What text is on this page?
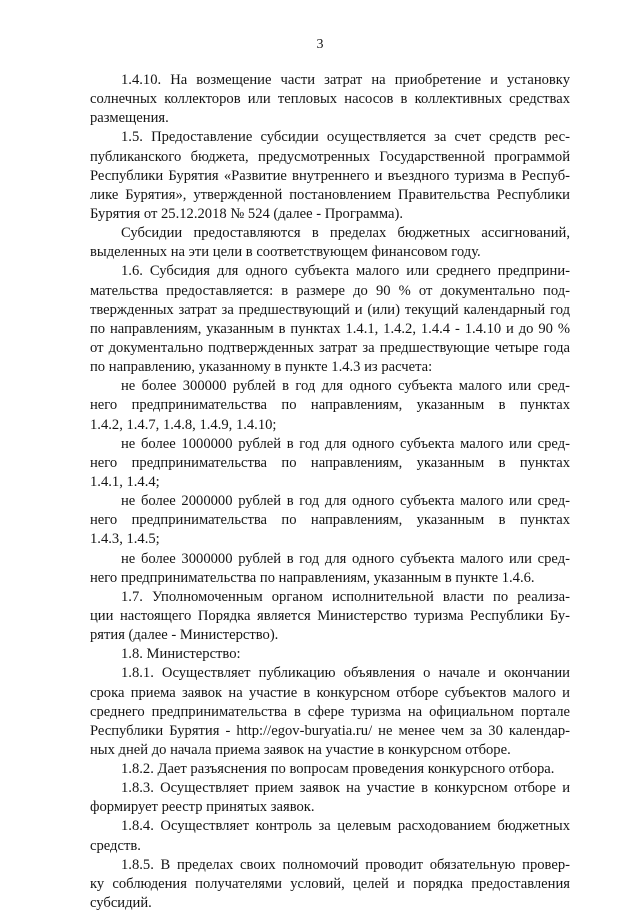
3
1.4.10. На возмещение части затрат на приобретение и установку
солнечных коллекторов или тепловых насосов в коллективных средствах
размещения.
1.5. Предоставление субсидии осуществляется за счет средств рес-
публиканского бюджета, предусмотренных Государственной программой
Республики Бурятия «Развитие внутреннего и въездного туризма в Респуб-
лике Бурятия», утвержденной постановлением Правительства Республики
Бурятия от 25.12.2018 № 524 (далее - Программа).
Субсидии предоставляются в пределах бюджетных ассигнований,
выделенных на эти цели в соответствующем финансовом году.
1.6. Субсидия для одного субъекта малого или среднего предприни-
мательства предоставляется: в размере до 90 % от документально под-
твержденных затрат за предшествующий и (или) текущий календарный год
по направлениям, указанным в пунктах 1.4.1, 1.4.2, 1.4.4 - 1.4.10 и до 90 %
от документально подтвержденных затрат за предшествующие четыре года
по направлению, указанному в пункте 1.4.3 из расчета:
не более 300000 рублей в год для одного субъекта малого или сред-
него предпринимательства по направлениям, указанным в пунктах
1.4.2, 1.4.7, 1.4.8, 1.4.9, 1.4.10;
не более 1000000 рублей в год для одного субъекта малого или сред-
него предпринимательства по направлениям, указанным в пунктах
1.4.1, 1.4.4;
не более 2000000 рублей в год для одного субъекта малого или сред-
него предпринимательства по направлениям, указанным в пунктах
1.4.3, 1.4.5;
не более 3000000 рублей в год для одного субъекта малого или сред-
него предпринимательства по направлениям, указанным в пункте 1.4.6.
1.7. Уполномоченным органом исполнительной власти по реализа-
ции настоящего Порядка является Министерство туризма Республики Бу-
рятия (далее - Министерство).
1.8. Министерство:
1.8.1. Осуществляет публикацию объявления о начале и окончании
срока приема заявок на участие в конкурсном отборе субъектов малого и
среднего предпринимательства в сфере туризма на официальном портале
Республики Бурятия - http://egov-buryatia.ru/ не менее чем за 30 календар-
ных дней до начала приема заявок на участие в конкурсном отборе.
1.8.2. Дает разъяснения по вопросам проведения конкурсного отбора.
1.8.3. Осуществляет прием заявок на участие в конкурсном отборе и
формирует реестр принятых заявок.
1.8.4. Осуществляет контроль за целевым расходованием бюджетных
средств.
1.8.5. В пределах своих полномочий проводит обязательную провер-
ку соблюдения получателями условий, целей и порядка предоставления
субсидий.
